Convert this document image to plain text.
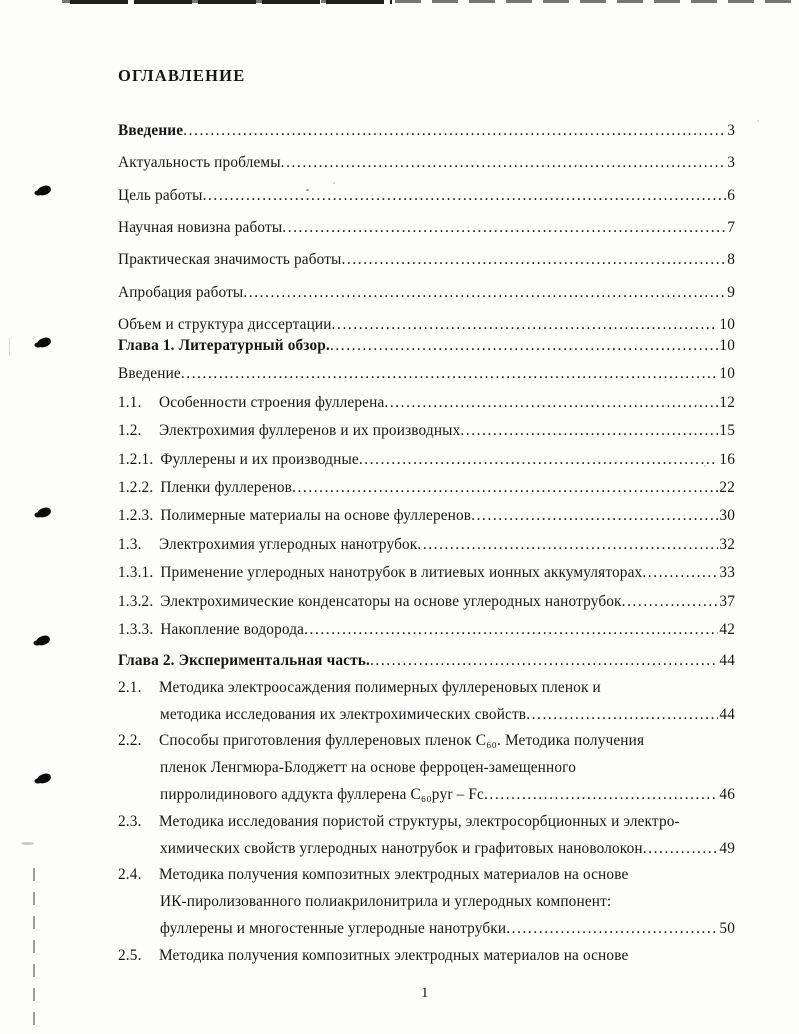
ОГЛАВЛЕНИЕ
Введение .....	3
Актуальность проблемы .....	3
Цель работы .....	6
Научная новизна работы .....	7
Практическая значимость работы .....	8
Апробация работы .....	9
Объем и структура диссертации .....	10
Глава 1. Литературный обзор. .....	10
Введение .....	10
1.1.	Особенности строения фуллерена .....	12
1.2.	Электрохимия фуллеренов и их производных .....	15
1.2.1. Фуллерены и их производные .....	16
1.2.2. Пленки фуллеренов .....	22
1.2.3. Полимерные материалы на основе фуллеренов .....	30
1.3.	Электрохимия углеродных нанотрубок .....	32
1.3.1. Применение углеродных нанотрубок в литиевых ионных аккумуляторах .....	33
1.3.2. Электрохимические конденсаторы на основе углеродных нанотрубок .....	37
1.3.3. Накопление водорода .....	42
Глава 2. Экспериментальная часть. .....	44
2.1.	Методика электроосаждения полимерных фуллереновых пленок и
методика исследования их электрохимических свойств .....	44
2.2.	Способы приготовления фуллереновых пленок C₆₀. Методика получения
пленок Ленгмюра-Блоджетт на основе ферроцен-замещенного
пирролидинового аддукта фуллерена C₆₀pyr – Fc .....	46
2.3.	Методика исследования пористой структуры, электросорбционных и электро-
химических свойств углеродных нанотрубок и графитовых нановолокон .....	49
2.4.	Методика получения композитных электродных материалов на основе
ИК-пиролизованного полиакрилонитрила и углеродных компонент:
фуллерены и многостенные углеродные нанотрубки .....	50
2.5.	Методика получения композитных электродных материалов на основе
1
